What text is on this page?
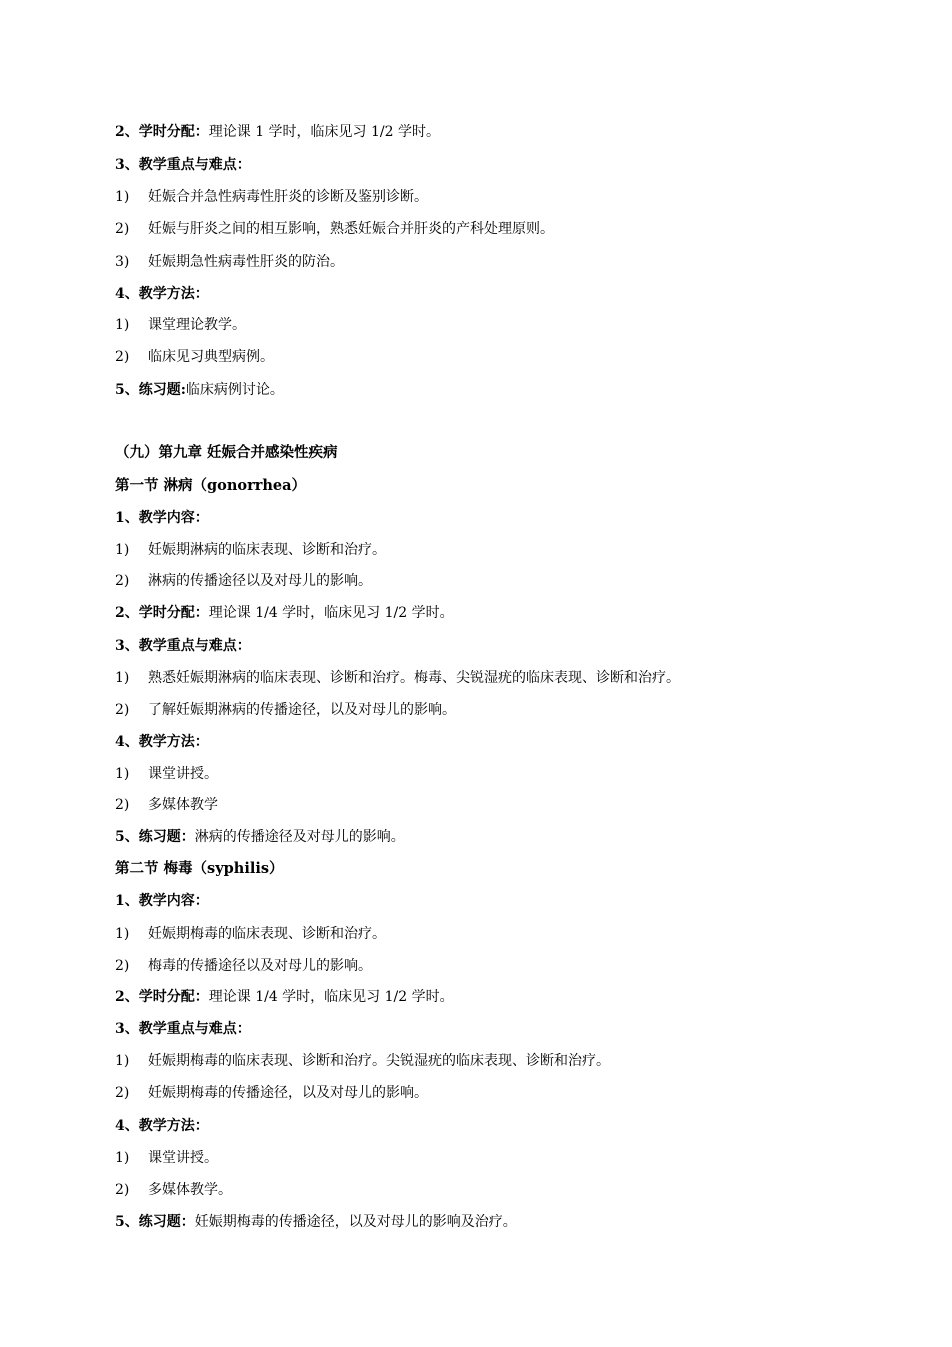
2、学时分配：理论课 1 学时，临床见习 1/2 学时。
3、教学重点与难点：
1) 妊娠合并急性病毒性肝炎的诊断及鉴别诊断。
2) 妊娠与肝炎之间的相互影响，熟悉妊娠合并肝炎的产科处理原则。
3) 妊娠期急性病毒性肝炎的防治。
4、教学方法：
1) 课堂理论教学。
2) 临床见习典型病例。
5、练习题:临床病例讨论。
（九）第九章 妊娠合并感染性疾病
第一节 淋病（gonorrhea）
1、教学内容：
1) 妊娠期淋病的临床表现、诊断和治疗。
2) 淋病的传播途径以及对母儿的影响。
2、学时分配：理论课 1/4 学时，临床见习 1/2 学时。
3、教学重点与难点：
1) 熟悉妊娠期淋病的临床表现、诊断和治疗。梅毒、尖锐湿疣的临床表现、诊断和治疗。
2) 了解妊娠期淋病的传播途径，以及对母儿的影响。
4、教学方法：
1) 课堂讲授。
2) 多媒体教学
5、练习题：淋病的传播途径及对母儿的影响。
第二节 梅毒（syphilis）
1、教学内容：
1) 妊娠期梅毒的临床表现、诊断和治疗。
2) 梅毒的传播途径以及对母儿的影响。
2、学时分配：理论课 1/4 学时，临床见习 1/2 学时。
3、教学重点与难点：
1) 妊娠期梅毒的临床表现、诊断和治疗。尖锐湿疣的临床表现、诊断和治疗。
2) 妊娠期梅毒的传播途径，以及对母儿的影响。
4、教学方法：
1) 课堂讲授。
2) 多媒体教学。
5、练习题：妊娠期梅毒的传播途径，以及对母儿的影响及治疗。
